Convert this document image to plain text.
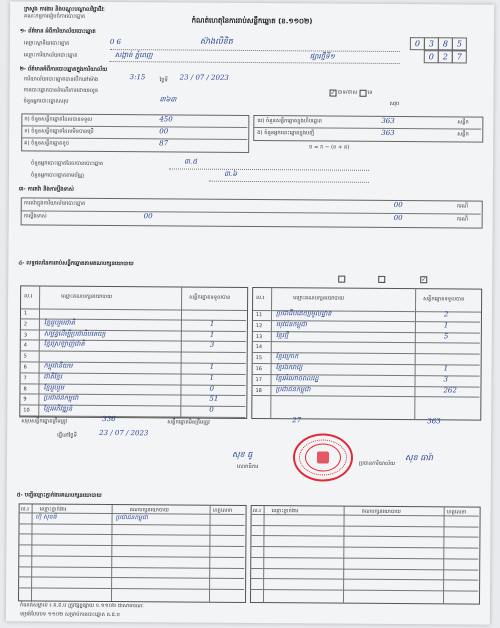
ក្រសួង ការងារ និងបណ្តុះបណ្តាលវិជ្ជាជីវៈ
គណៈកម្មការ​រៀបចំការ​បោះឆ្នោត	កំណត់ហេតុ​នៃ​ការ​រាប់​សន្លឹកឆ្នោត (ខ.១១០២)
១- ព័ត៌មាន ​អំពីការិយាល័យ​បោះឆ្នោត
ឈ្មោះ​ស្ថានីយ​បោះឆ្នោត	0 6	ស៊ាងលិខិត
ឈ្មោះ​ការិយាល័យ​បោះឆ្នោត	សង្កាត់ ភ្នំពេញ	ផ្សារ​ថ្មីទី​១
0	3	8	5
0	2	7
២- ព័ត៌មានអំពីការ​បោះឆ្នោត​ក្នុង​ការិយាល័យ
ការិយាល័យ​បោះឆ្នោត​បាន​បើក​នៅ​ម៉ោង	3:15	ថ្ងៃទី 23 / 07 / 2023
ការបោះឆ្នោត​បាន​ដំណើរ​ការ​ដោយ​រលូន	✓ បាទ/ចាស ទេ
ចំនួន​អ្នក​បោះឆ្នោត​សរុប	៣៦៣
សរុប
ក) ចំនួន​សន្លឹកឆ្នោត​ដែល​បានទទួល	450
ខ) ចំនួន​សន្លឹកឆ្នោត​ដែល​មិន​បាន​ប្រើ	00
គ) ចំនួន​សន្លឹកឆ្នោត​ខូច	87
ឃ) ចំនួន​សន្លឹកឆ្នោត​ក្នុង​ហិបឆ្នោត	363	សន្លឹក
ង) ចំនួន​អ្នក​បោះឆ្នោត​ក្នុង​បញ្ជី	363	សន្លឹក
ច = ក − (ខ + គ)
ចំនួន​អ្នកបោះឆ្នោត​ដែល​បាន​បោះឆ្នោត	៣.៥
ចំនួនអ្នកបោះឆ្នោត​តាម​ប័ណ្ណ	៣.៦
៣- ការតវ៉ា និង​ការ​ប្តឹង​ទាស់
ការ​តវ៉ា​ក្នុង​ការិយាល័យ​បោះឆ្នោត	00	ករណី
ការ​ប្តឹង​ទាស់	00	00	ករណី
៤- លទ្ធផល​នៃ​ការ​រាប់​សន្លឹកឆ្នោត​តាម​គណបក្ស​នយោបាយ
✓
ល.រ	ឈ្មោះគណបក្សនយោបាយ	សន្លឹកឆ្នោត​ទទួលបាន
1
2	ខ្មែរ​រួបរួមជាតិ	1
3	សម្ព័ន្ធ​ដើម្បី​ប្រជាធិបតេយ្យ	1
4	ខ្មែរ​ស្រឡាញ់ជាតិ	3
5
6	កម្ពុជា​និយម	1
7	ជាតិ​ខ្មែរ	1
8	ខ្មែរ​រួបរួម	0
9	ប្រជាជន​កម្ពុជា	51
10 ខ្មែរ​អភិវឌ្ឍន៍	0
ល.រ	ឈ្មោះគណបក្សនយោបាយ	សន្លឹកឆ្នោត​ទទួលបាន
11 ប្រជាធិបតេយ្យ​មូលដ្ឋាន	2
12 យុវជន​កម្ពុជា	1
13 ខ្មែរ​ថ្មី	5
14
15 ខ្មែរ​ក្រោក
16 ខ្មែរ​ឯករាជ្យ	1
17 ខ្មែរ​អំណាច​ពលរដ្ឋ	3
18 ប្រជាជន​កម្ពុជា	262
សរុប​សន្លឹកឆ្នោត​ត្រឹមត្រូវ	336	សន្លឹក​ឆ្នោត​មិន​ត្រឹមត្រូវ	27	363
ធ្វើ​នៅ​ថ្ងៃទី	23 / 07 / 2023
សុខ ធូ
លេខាធិការ	ប្រធាន​ការិយាល័យ
សុខ ធារ៉ា
៥- បញ្ជី​ឈ្មោះ​ភ្នាក់ងារ​គណបក្ស​នយោបាយ
ល.រ ឈ្មោះ​ភ្នាក់ងារ	គណបក្ស​នយោបាយ	ហត្ថលេខា
ហ៊ុ សុខធី	ប្រជាជន​កម្ពុជា
ល.រ ឈ្មោះ​ភ្នាក់ងារ	គណបក្ស​នយោបាយ	ហត្ថលេខា
កំណត់សម្គាល់ ៖ គ.ជ.ប ត្រូវ​ផ្សព្វ​ផ្សាយ ខ.១១០២ ជា​សាធារណៈ
ទម្រង់​បែបបទ ១១០២ សម្រាប់​ការ​បោះឆ្នោត គ.ជ.ប
